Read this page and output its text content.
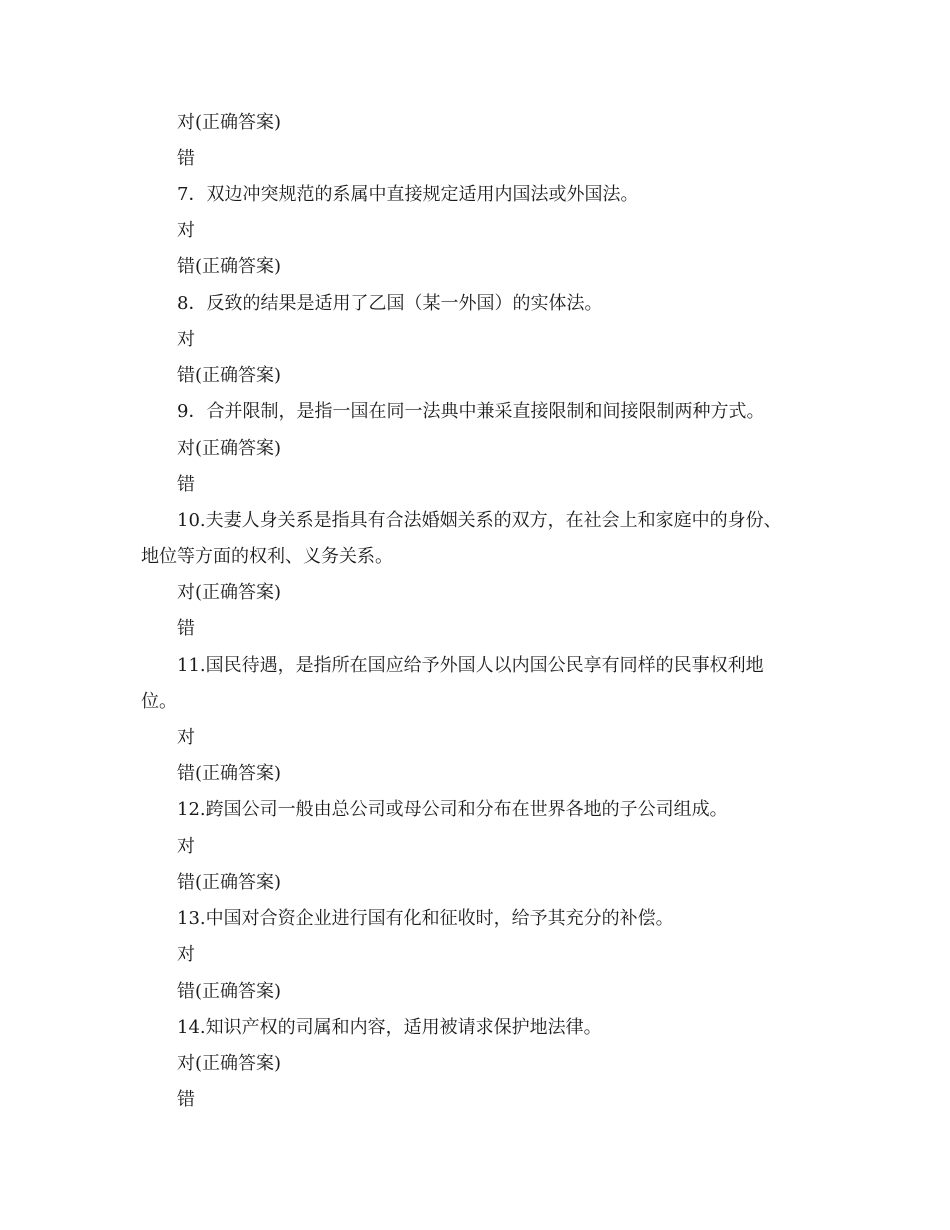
对(正确答案)
错
7．双边冲突规范的系属中直接规定适用内国法或外国法。
对
错(正确答案)
8．反致的结果是适用了乙国（某一外国）的实体法。
对
错(正确答案)
9．合并限制，是指一国在同一法典中兼采直接限制和间接限制两种方式。
对(正确答案)
错
10.夫妻人身关系是指具有合法婚姻关系的双方，在社会上和家庭中的身份、
地位等方面的权利、义务关系。
对(正确答案)
错
11.国民待遇，是指所在国应给予外国人以内国公民享有同样的民事权利地
位。
对
错(正确答案)
12.跨国公司一般由总公司或母公司和分布在世界各地的子公司组成。
对
错(正确答案)
13.中国对合资企业进行国有化和征收时，给予其充分的补偿。
对
错(正确答案)
14.知识产权的司属和内容，适用被请求保护地法律。
对(正确答案)
错
